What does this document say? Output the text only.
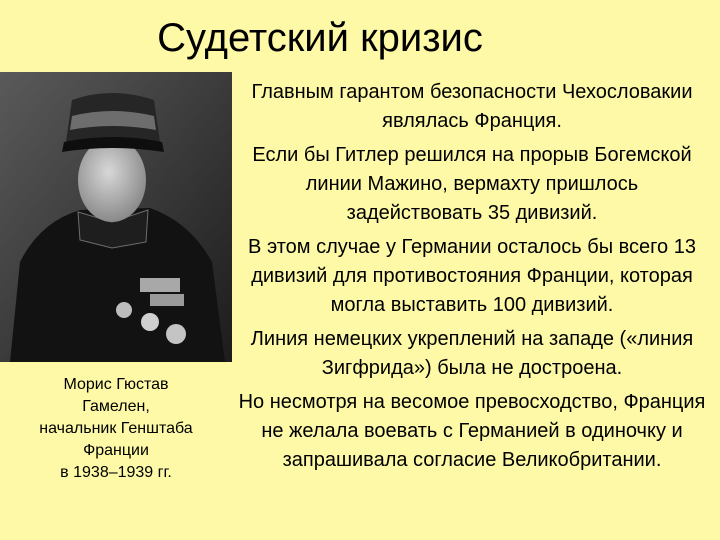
Судетский кризис
Морис Гюстав
Гамелен,
начальник Генштаба
Франции
в 1938–1939 гг.

Главным гарантом безопасности Чехословакии являлась Франция.

Если бы Гитлер решился на прорыв Богемской линии Мажино, вермахту пришлось задействовать 35 дивизий.

В этом случае у Германии осталось бы всего 13 дивизий для противостояния Франции, которая могла выставить 100 дивизий.

Линия немецких укреплений на западе («линия Зигфрида») была не достроена.

Но несмотря на весомое превосходство, Франция не желала воевать с Германией в одиночку и запрашивала согласие Великобритании.
